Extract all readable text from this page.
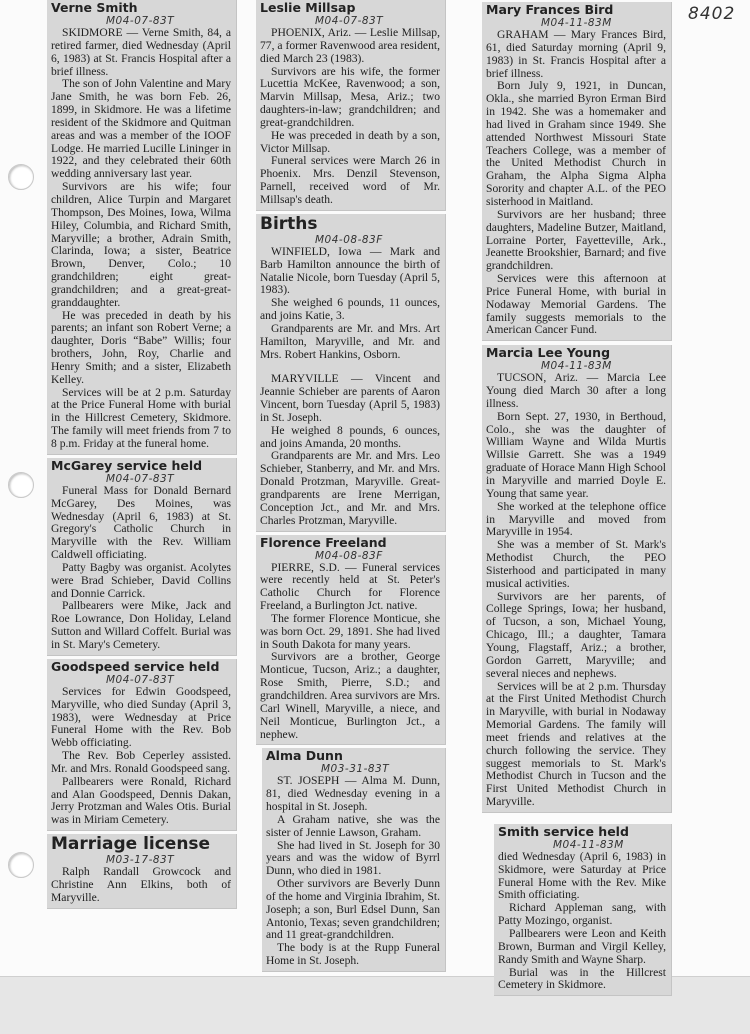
8402
Verne Smith
M04-07-83T

SKIDMORE — Verne Smith, 84, a retired farmer, died Wednesday (April 6, 1983) at St. Francis Hospital after a brief illness.

The son of John Valentine and Mary Jane Smith, he was born Feb. 26, 1899, in Skidmore. He was a lifetime resident of the Skidmore and Quitman areas and was a member of the IOOF Lodge. He married Lucille Lininger in 1922, and they celebrated their 60th wedding anniversary last year.

Survivors are his wife; four children, Alice Turpin and Margaret Thompson, Des Moines, Iowa, Wilma Hiley, Columbia, and Richard Smith, Maryville; a brother, Adrain Smith, Clarinda, Iowa; a sister, Beatrice Brown, Denver, Colo.; 10 grandchildren; eight great-grandchildren; and a great-great-granddaughter.

He was preceded in death by his parents; an infant son Robert Verne; a daughter, Doris “Babe” Willis; four brothers, John, Roy, Charlie and Henry Smith; and a sister, Elizabeth Kelley.

Services will be at 2 p.m. Saturday at the Price Funeral Home with burial in the Hillcrest Cemetery, Skidmore. The family will meet friends from 7 to 8 p.m. Friday at the funeral home.

McGarey service held
M04-07-83T

Funeral Mass for Donald Bernard McGarey, Des Moines, was Wednesday (April 6, 1983) at St. Gregory's Catholic Church in Maryville with the Rev. William Caldwell officiating.

Patty Bagby was organist. Acolytes were Brad Schieber, David Collins and Donnie Carrick.

Pallbearers were Mike, Jack and Roe Lowrance, Don Holiday, Leland Sutton and Willard Coffelt. Burial was in St. Mary's Cemetery.

Goodspeed service held
M04-07-83T

Services for Edwin Goodspeed, Maryville, who died Sunday (April 3, 1983), were Wednesday at Price Funeral Home with the Rev. Bob Webb officiating.

The Rev. Bob Ceperley assisted. Mr. and Mrs. Ronald Goodspeed sang.

Pallbearers were Ronald, Richard and Alan Goodspeed, Dennis Dakan, Jerry Protzman and Wales Otis. Burial was in Miriam Cemetery.

Marriage license
M03-17-83T

Ralph Randall Growcock and Christine Ann Elkins, both of Maryville.

Leslie Millsap
M04-07-83T

PHOENIX, Ariz. — Leslie Millsap, 77, a former Ravenwood area resident, died March 23 (1983).

Survivors are his wife, the former Lucettia McKee, Ravenwood; a son, Marvin Millsap, Mesa, Ariz.; two daughters-in-law; grandchildren; and great-grandchildren.

He was preceded in death by a son, Victor Millsap.

Funeral services were March 26 in Phoenix. Mrs. Denzil Stevenson, Parnell, received word of Mr. Millsap's death.

Births
M04-08-83F

WINFIELD, Iowa — Mark and Barb Hamilton announce the birth of Natalie Nicole, born Tuesday (April 5, 1983).

She weighed 6 pounds, 11 ounces, and joins Katie, 3.

Grandparents are Mr. and Mrs. Art Hamilton, Maryville, and Mr. and Mrs. Robert Hankins, Osborn.

MARYVILLE — Vincent and Jeannie Schieber are parents of Aaron Vincent, born Tuesday (April 5, 1983) in St. Joseph.

He weighed 8 pounds, 6 ounces, and joins Amanda, 20 months.

Grandparents are Mr. and Mrs. Leo Schieber, Stanberry, and Mr. and Mrs. Donald Protzman, Maryville. Great-grandparents are Irene Merrigan, Conception Jct., and Mr. and Mrs. Charles Protzman, Maryville.

Florence Freeland
M04-08-83F

PIERRE, S.D. — Funeral services were recently held at St. Peter's Catholic Church for Florence Freeland, a Burlington Jct. native.

The former Florence Monticue, she was born Oct. 29, 1891. She had lived in South Dakota for many years.

Survivors are a brother, George Monticue, Tucson, Ariz.; a daughter, Rose Smith, Pierre, S.D.; and grandchildren. Area survivors are Mrs. Carl Winell, Maryville, a niece, and Neil Monticue, Burlington Jct., a nephew.

Alma Dunn
M03-31-83T

ST. JOSEPH — Alma M. Dunn, 81, died Wednesday evening in a hospital in St. Joseph.

A Graham native, she was the sister of Jennie Lawson, Graham.

She had lived in St. Joseph for 30 years and was the widow of Byrrl Dunn, who died in 1981.

Other survivors are Beverly Dunn of the home and Virginia Ibrahim, St. Joseph; a son, Burl Edsel Dunn, San Antonio, Texas; seven grandchildren; and 11 great-grandchildren.

The body is at the Rupp Funeral Home in St. Joseph.

Mary Frances Bird
M04-11-83M

GRAHAM — Mary Frances Bird, 61, died Saturday morning (April 9, 1983) in St. Francis Hospital after a brief illness.

Born July 9, 1921, in Duncan, Okla., she married Byron Erman Bird in 1942. She was a homemaker and had lived in Graham since 1949. She attended Northwest Missouri State Teachers College, was a member of the United Methodist Church in Graham, the Alpha Sigma Alpha Sorority and chapter A.L. of the PEO sisterhood in Maitland.

Survivors are her husband; three daughters, Madeline Butzer, Maitland, Lorraine Porter, Fayetteville, Ark., Jeanette Brookshier, Barnard; and five grandchildren.

Services were this afternoon at Price Funeral Home, with burial in Nodaway Memorial Gardens. The family suggests memorials to the American Cancer Fund.

Marcia Lee Young
M04-11-83M

TUCSON, Ariz. — Marcia Lee Young died March 30 after a long illness.

Born Sept. 27, 1930, in Berthoud, Colo., she was the daughter of William Wayne and Wilda Murtis Willsie Garrett. She was a 1949 graduate of Horace Mann High School in Maryville and married Doyle E. Young that same year.

She worked at the telephone office in Maryville and moved from Maryville in 1954.

She was a member of St. Mark's Methodist Church, the PEO Sisterhood and participated in many musical activities.

Survivors are her parents, of College Springs, Iowa; her husband, of Tucson, a son, Michael Young, Chicago, Ill.; a daughter, Tamara Young, Flagstaff, Ariz.; a brother, Gordon Garrett, Maryville; and several nieces and nephews.

Services will be at 2 p.m. Thursday at the First United Methodist Church in Maryville, with burial in Nodaway Memorial Gardens. The family will meet friends and relatives at the church following the service. They suggest memorials to St. Mark's Methodist Church in Tucson and the First United Methodist Church in Maryville.

Smith service held
M04-11-83M

died Wednesday (April 6, 1983) in Skidmore, were Saturday at Price Funeral Home with the Rev. Mike Smith officiating.

Richard Appleman sang, with Patty Mozingo, organist.

Pallbearers were Leon and Keith Brown, Burman and Virgil Kelley, Randy Smith and Wayne Sharp.

Burial was in the Hillcrest Cemetery in Skidmore.
